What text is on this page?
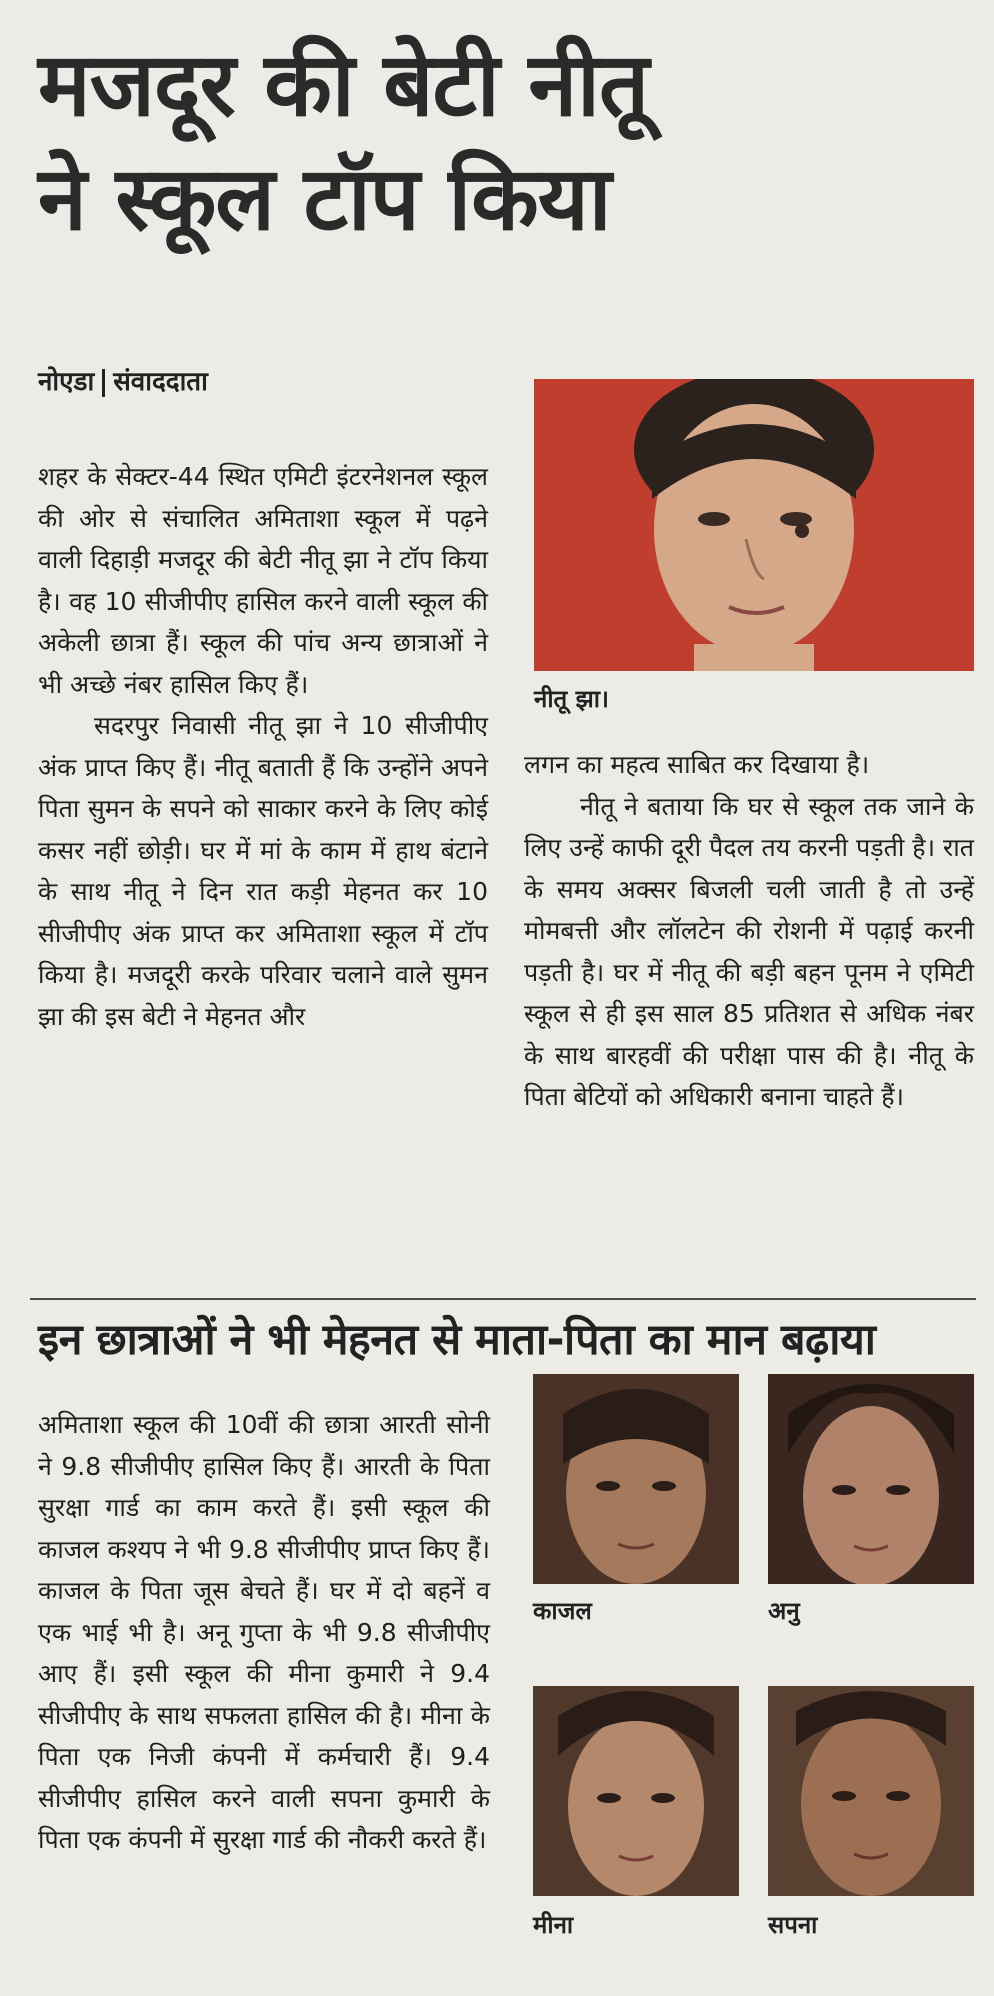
मजदूर की बेटी नीतू
ने स्कूल टॉप किया
नोएडा संवाददाता

शहर के सेक्टर-44 स्थित एमिटी इंटरनेशनल स्कूल की ओर से संचालित अमिताशा स्कूल में पढ़ने वाली दिहाड़ी मजदूर की बेटी नीतू झा ने टॉप किया है। वह 10 सीजीपीए हासिल करने वाली स्कूल की अकेली छात्रा हैं। स्कूल की पांच अन्य छात्राओं ने भी अच्छे नंबर हासिल किए हैं।

सदरपुर निवासी नीतू झा ने 10 सीजीपीए अंक प्राप्त किए हैं। नीतू बताती हैं कि उन्होंने अपने पिता सुमन के सपने को साकार करने के लिए कोई कसर नहीं छोड़ी। घर में मां के काम में हाथ बंटाने के साथ नीतू ने दिन रात कड़ी मेहनत कर 10 सीजीपीए अंक प्राप्त कर अमिताशा स्कूल में टॉप किया है। मजदूरी करके परिवार चलाने वाले सुमन झा की इस बेटी ने मेहनत और

नीतू झा।

लगन का महत्व साबित कर दिखाया है।

नीतू ने बताया कि घर से स्कूल तक जाने के लिए उन्हें काफी दूरी पैदल तय करनी पड़ती है। रात के समय अक्सर बिजली चली जाती है तो उन्हें मोमबत्ती और लॉलटेन की रोशनी में पढ़ाई करनी पड़ती है। घर में नीतू की बड़ी बहन पूनम ने एमिटी स्कूल से ही इस साल 85 प्रतिशत से अधिक नंबर के साथ बारहवीं की परीक्षा पास की है। नीतू के पिता बेटियों को अधिकारी बनाना चाहते हैं।

इन छात्राओं ने भी मेहनत से माता-पिता का मान बढ़ाया

अमिताशा स्कूल की 10वीं की छात्रा आरती सोनी ने 9.8 सीजीपीए हासिल किए हैं। आरती के पिता सुरक्षा गार्ड का काम करते हैं। इसी स्कूल की काजल कश्यप ने भी 9.8 सीजीपीए प्राप्त किए हैं। काजल के पिता जूस बेचते हैं। घर में दो बहनें व एक भाई भी है। अनू गुप्ता के भी 9.8 सीजीपीए आए हैं। इसी स्कूल की मीना कुमारी ने 9.4 सीजीपीए के साथ सफलता हासिल की है। मीना के पिता एक निजी कंपनी में कर्मचारी हैं। 9.4 सीजीपीए हासिल करने वाली सपना कुमारी के पिता एक कंपनी में सुरक्षा गार्ड की नौकरी करते हैं।

काजल	अनु
मीना	सपना
